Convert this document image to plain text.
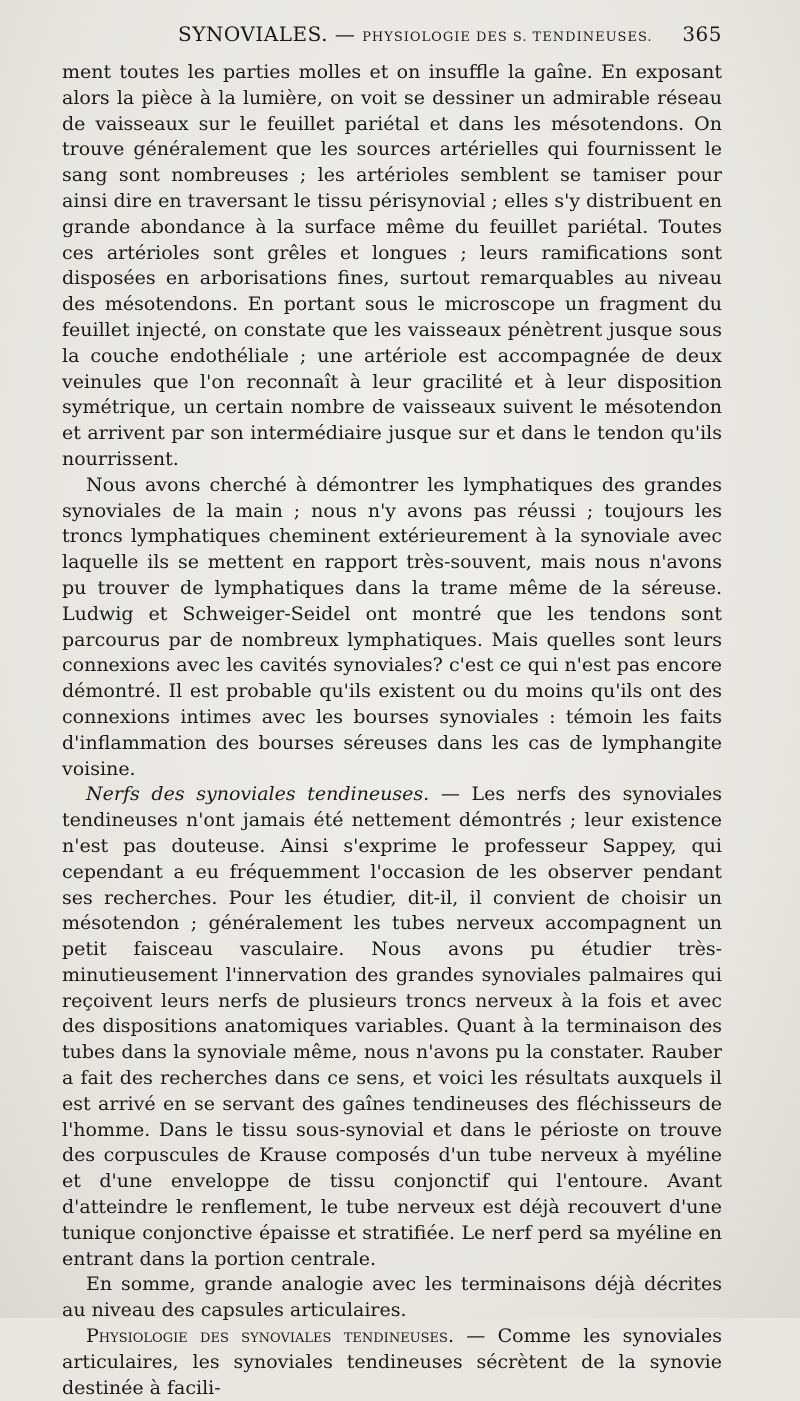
SYNOVIALES. — PHYSIOLOGIE DES S. TENDINEUSES. 365

ment toutes les parties molles et on insuffle la gaîne. En exposant alors la pièce à la lumière, on voit se dessiner un admirable réseau de vaisseaux sur le feuillet pariétal et dans les mésotendons. On trouve généralement que les sources artérielles qui fournissent le sang sont nombreuses ; les artérioles semblent se tamiser pour ainsi dire en traversant le tissu périsynovial ; elles s'y distribuent en grande abondance à la surface même du feuillet pariétal. Toutes ces artérioles sont grêles et longues ; leurs ramifications sont disposées en arborisations fines, surtout remarquables au niveau des mésotendons. En portant sous le microscope un fragment du feuillet injecté, on constate que les vaisseaux pénètrent jusque sous la couche endothéliale ; une artériole est accompagnée de deux veinules que l'on reconnaît à leur gracilité et à leur disposition symétrique, un certain nombre de vaisseaux suivent le mésotendon et arrivent par son intermédiaire jusque sur et dans le tendon qu'ils nourrissent.

Nous avons cherché à démontrer les lymphatiques des grandes synoviales de la main ; nous n'y avons pas réussi ; toujours les troncs lymphatiques cheminent extérieurement à la synoviale avec laquelle ils se mettent en rapport très-souvent, mais nous n'avons pu trouver de lymphatiques dans la trame même de la séreuse. Ludwig et Schweiger-Seidel ont montré que les tendons sont parcourus par de nombreux lymphatiques. Mais quelles sont leurs connexions avec les cavités synoviales? c'est ce qui n'est pas encore démontré. Il est probable qu'ils existent ou du moins qu'ils ont des connexions intimes avec les bourses synoviales : témoin les faits d'inflammation des bourses séreuses dans les cas de lymphangite voisine.

Nerfs des synoviales tendineuses. — Les nerfs des synoviales tendineuses n'ont jamais été nettement démontrés ; leur existence n'est pas douteuse. Ainsi s'exprime le professeur Sappey, qui cependant a eu fréquemment l'occasion de les observer pendant ses recherches. Pour les étudier, dit-il, il convient de choisir un mésotendon ; généralement les tubes nerveux accompagnent un petit faisceau vasculaire. Nous avons pu étudier très-minutieusement l'innervation des grandes synoviales palmaires qui reçoivent leurs nerfs de plusieurs troncs nerveux à la fois et avec des dispositions anatomiques variables. Quant à la terminaison des tubes dans la synoviale même, nous n'avons pu la constater. Rauber a fait des recherches dans ce sens, et voici les résultats auxquels il est arrivé en se servant des gaînes tendineuses des fléchisseurs de l'homme. Dans le tissu sous-synovial et dans le périoste on trouve des corpuscules de Krause composés d'un tube nerveux à myéline et d'une enveloppe de tissu conjonctif qui l'entoure. Avant d'atteindre le renflement, le tube nerveux est déjà recouvert d'une tunique conjonctive épaisse et stratifiée. Le nerf perd sa myéline en entrant dans la portion centrale.

En somme, grande analogie avec les terminaisons déjà décrites au niveau des capsules articulaires.

Physiologie des synoviales tendineuses. — Comme les synoviales articulaires, les synoviales tendineuses sécrètent de la synovie destinée à facili-
